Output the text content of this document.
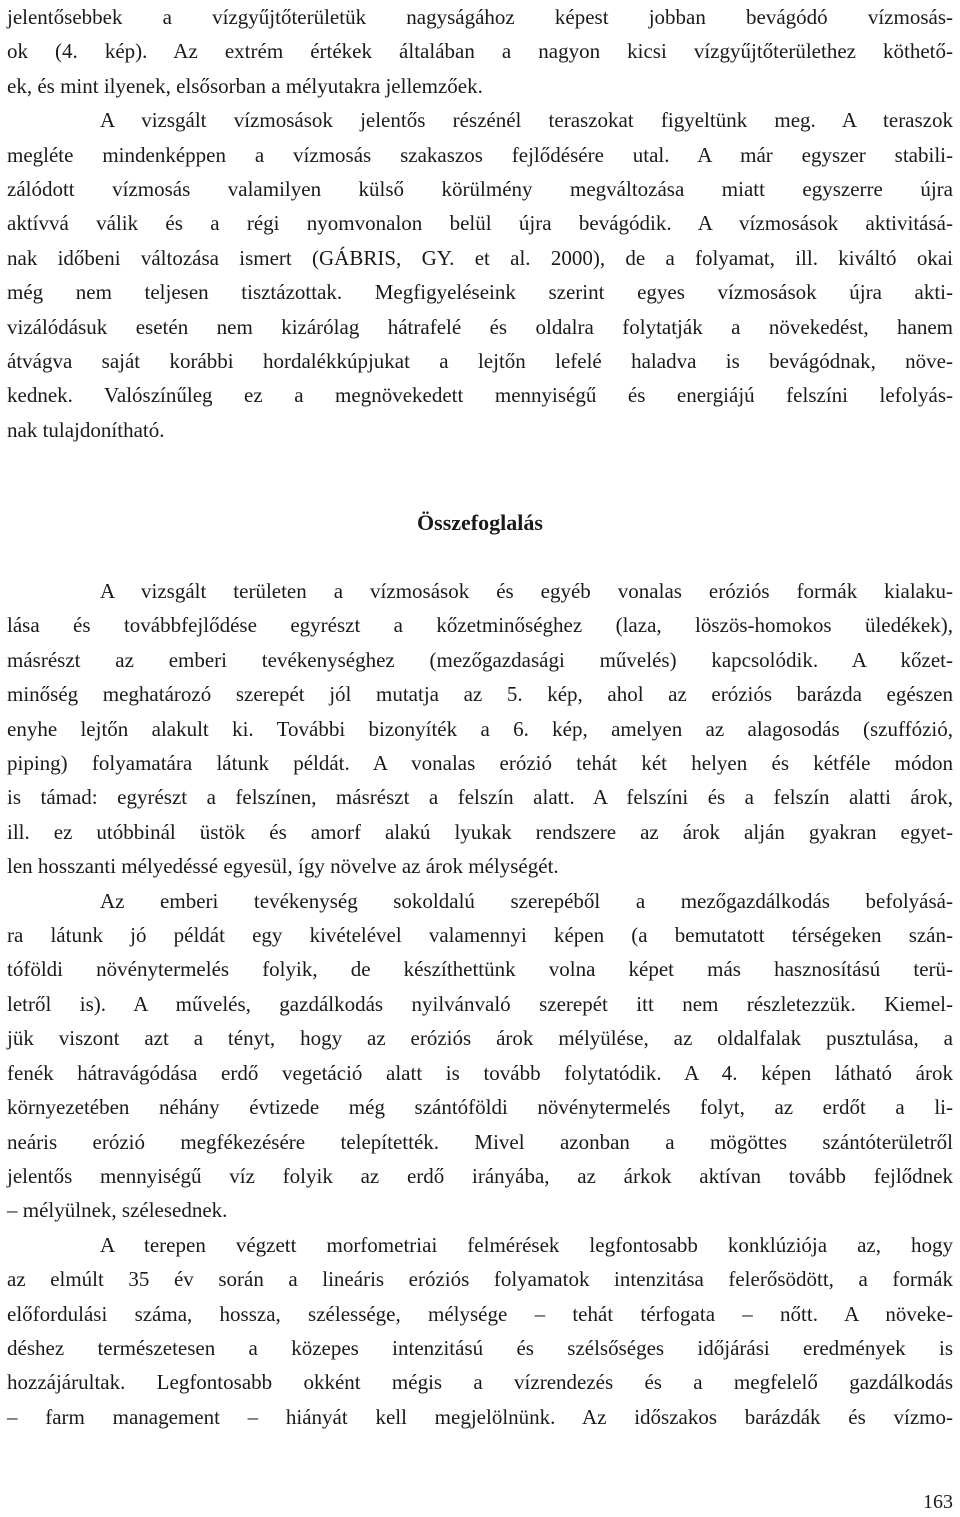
jelentősebbek a vízgyűjtőterületük nagyságához képest jobban bevágódó vízmosás-
ok (4. kép). Az extrém értékek általában a nagyon kicsi vízgyűjtőterülethez köthető-
ek, és mint ilyenek, elsősorban a mélyutakra jellemzőek.
A vizsgált vízmosások jelentős részénél teraszokat figyeltünk meg. A teraszok
megléte mindenképpen a vízmosás szakaszos fejlődésére utal. A már egyszer stabili-
zálódott vízmosás valamilyen külső körülmény megváltozása miatt egyszerre újra
aktívvá válik és a régi nyomvonalon belül újra bevágódik. A vízmosások aktivitásá-
nak időbeni változása ismert (GÁBRIS, GY. et al. 2000), de a folyamat, ill. kiváltó okai
még nem teljesen tisztázottak. Megfigyeléseink szerint egyes vízmosások újra akti-
vizálódásuk esetén nem kizárólag hátrafelé és oldalra folytatják a növekedést, hanem
átvágva saját korábbi hordalékkúpjukat a lejtőn lefelé haladva is bevágódnak, növe-
kednek. Valószínűleg ez a megnövekedett mennyiségű és energiájú felszíni lefolyás-
nak tulajdonítható.
Összefoglalás
A vizsgált területen a vízmosások és egyéb vonalas eróziós formák kialaku-
lása és továbbfejlődése egyrészt a kőzetminőséghez (laza, löszös-homokos üledékek),
másrészt az emberi tevékenységhez (mezőgazdasági művelés) kapcsolódik. A kőzet-
minőség meghatározó szerepét jól mutatja az 5. kép, ahol az eróziós barázda egészen
enyhe lejtőn alakult ki. További bizonyíték a 6. kép, amelyen az alagosodás (szuffózió,
piping) folyamatára látunk példát. A vonalas erózió tehát két helyen és kétféle módon
is támad: egyrészt a felszínen, másrészt a felszín alatt. A felszíni és a felszín alatti árok,
ill. ez utóbbinál üstök és amorf alakú lyukak rendszere az árok alján gyakran egyet-
len hosszanti mélyedéssé egyesül, így növelve az árok mélységét.
Az emberi tevékenység sokoldalú szerepéből a mezőgazdálkodás befolyásá-
ra látunk jó példát egy kivételével valamennyi képen (a bemutatott térségeken szán-
tóföldi növénytermelés folyik, de készíthettünk volna képet más hasznosítású terü-
letről is). A művelés, gazdálkodás nyilvánvaló szerepét itt nem részletezzük. Kiemel-
jük viszont azt a tényt, hogy az eróziós árok mélyülése, az oldalfalak pusztulása, a
fenék hátravágódása erdő vegetáció alatt is tovább folytatódik. A 4. képen látható árok
környezetében néhány évtizede még szántóföldi növénytermelés folyt, az erdőt a li-
neáris erózió megfékezésére telepítették. Mivel azonban a mögöttes szántóterületről
jelentős mennyiségű víz folyik az erdő irányába, az árkok aktívan tovább fejlődnek
– mélyülnek, szélesednek.
A terepen végzett morfometriai felmérések legfontosabb konklúziója az, hogy
az elmúlt 35 év során a lineáris eróziós folyamatok intenzitása felerősödött, a formák
előfordulási száma, hossza, szélessége, mélysége – tehát térfogata – nőtt. A növeke-
déshez természetesen a közepes intenzitású és szélsőséges időjárási eredmények is
hozzájárultak. Legfontosabb okként mégis a vízrendezés és a megfelelő gazdálkodás
– farm management – hiányát kell megjelölnünk. Az időszakos barázdák és vízmo-
163
